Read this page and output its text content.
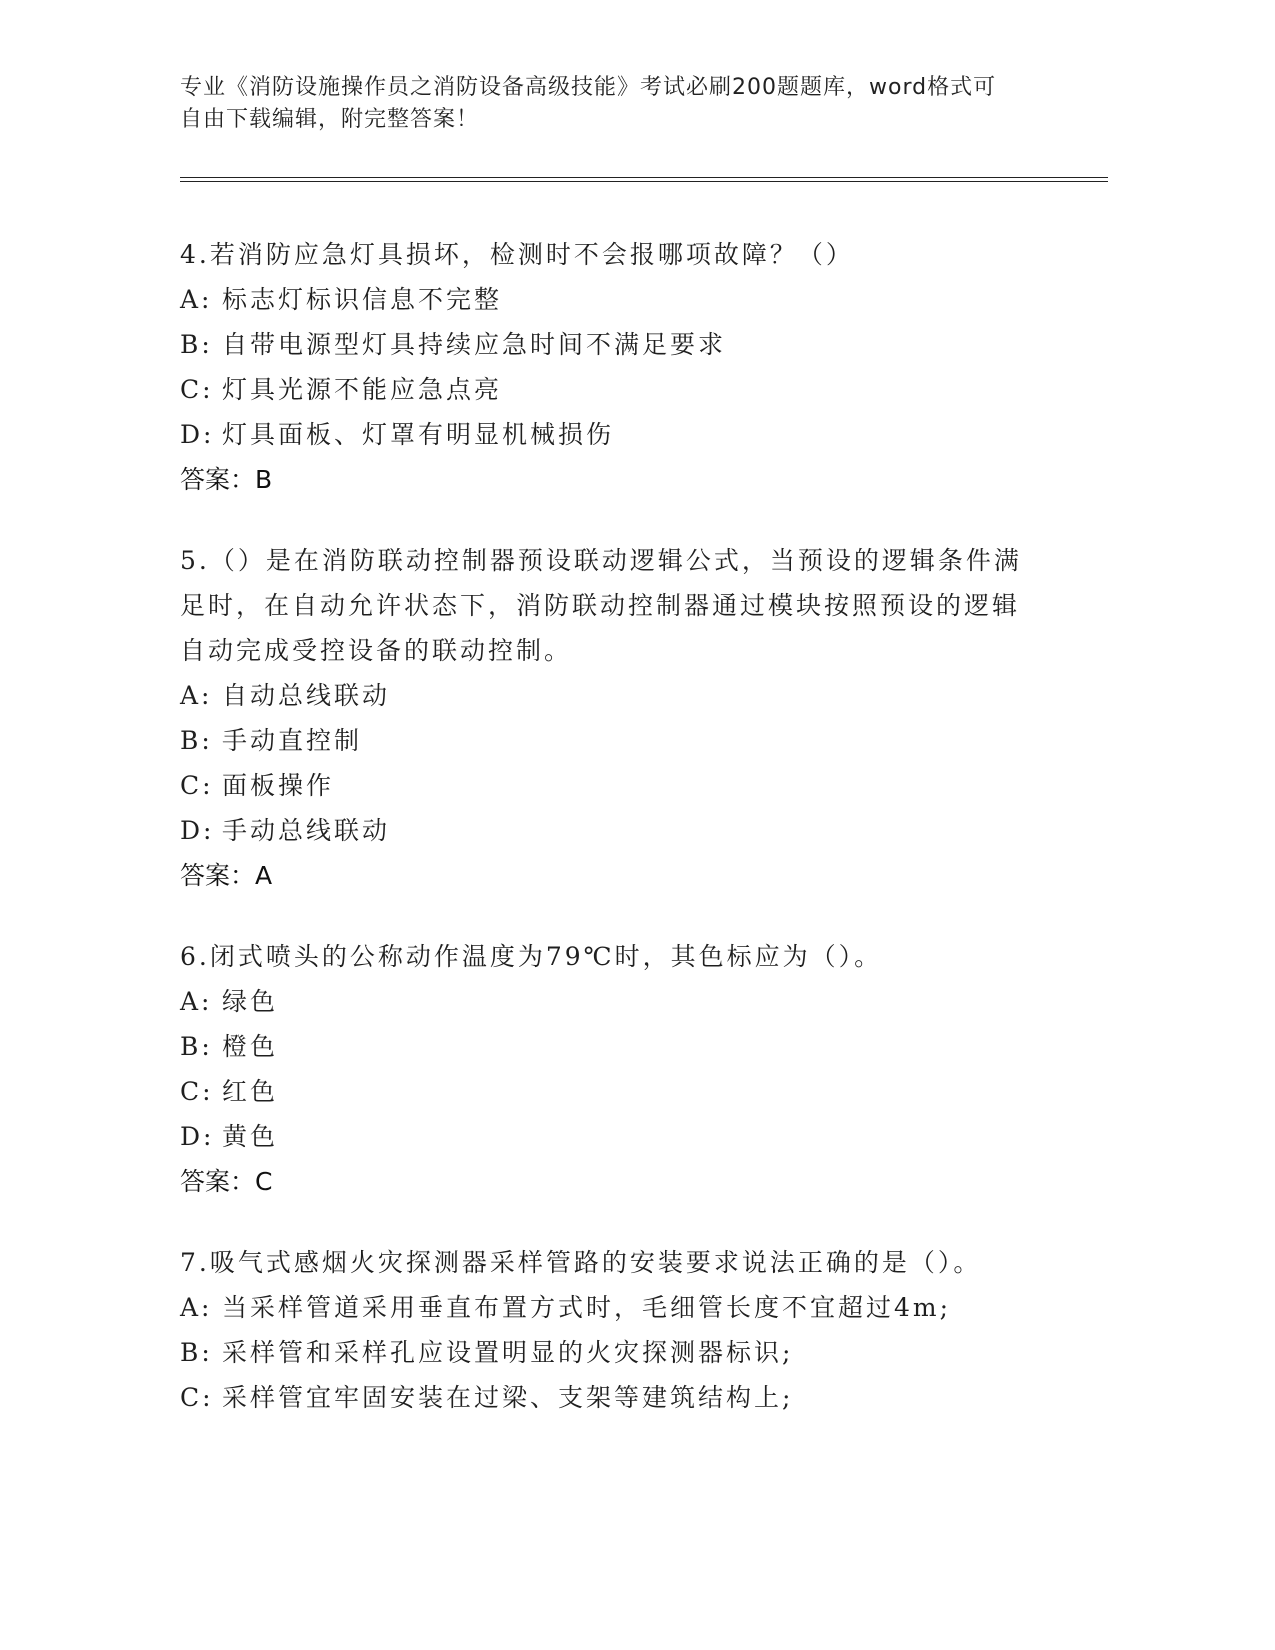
专业《消防设施操作员之消防设备高级技能》考试必刷200题题库，word格式可
自由下载编辑，附完整答案！
4.若消防应急灯具损坏，检测时不会报哪项故障？（）
A: 标志灯标识信息不完整
B: 自带电源型灯具持续应急时间不满足要求
C: 灯具光源不能应急点亮
D: 灯具面板、灯罩有明显机械损伤
答案：B
5.（）是在消防联动控制器预设联动逻辑公式，当预设的逻辑条件满足时，在自动允许状态下，消防联动控制器通过模块按照预设的逻辑自动完成受控设备的联动控制。
A: 自动总线联动
B: 手动直控制
C: 面板操作
D: 手动总线联动
答案：A
6.闭式喷头的公称动作温度为79℃时，其色标应为（）。
A: 绿色
B: 橙色
C: 红色
D: 黄色
答案：C
7.吸气式感烟火灾探测器采样管路的安装要求说法正确的是（）。
A: 当采样管道采用垂直布置方式时，毛细管长度不宜超过4m;
B: 采样管和采样孔应设置明显的火灾探测器标识;
C: 采样管宜牢固安装在过梁、支架等建筑结构上;
